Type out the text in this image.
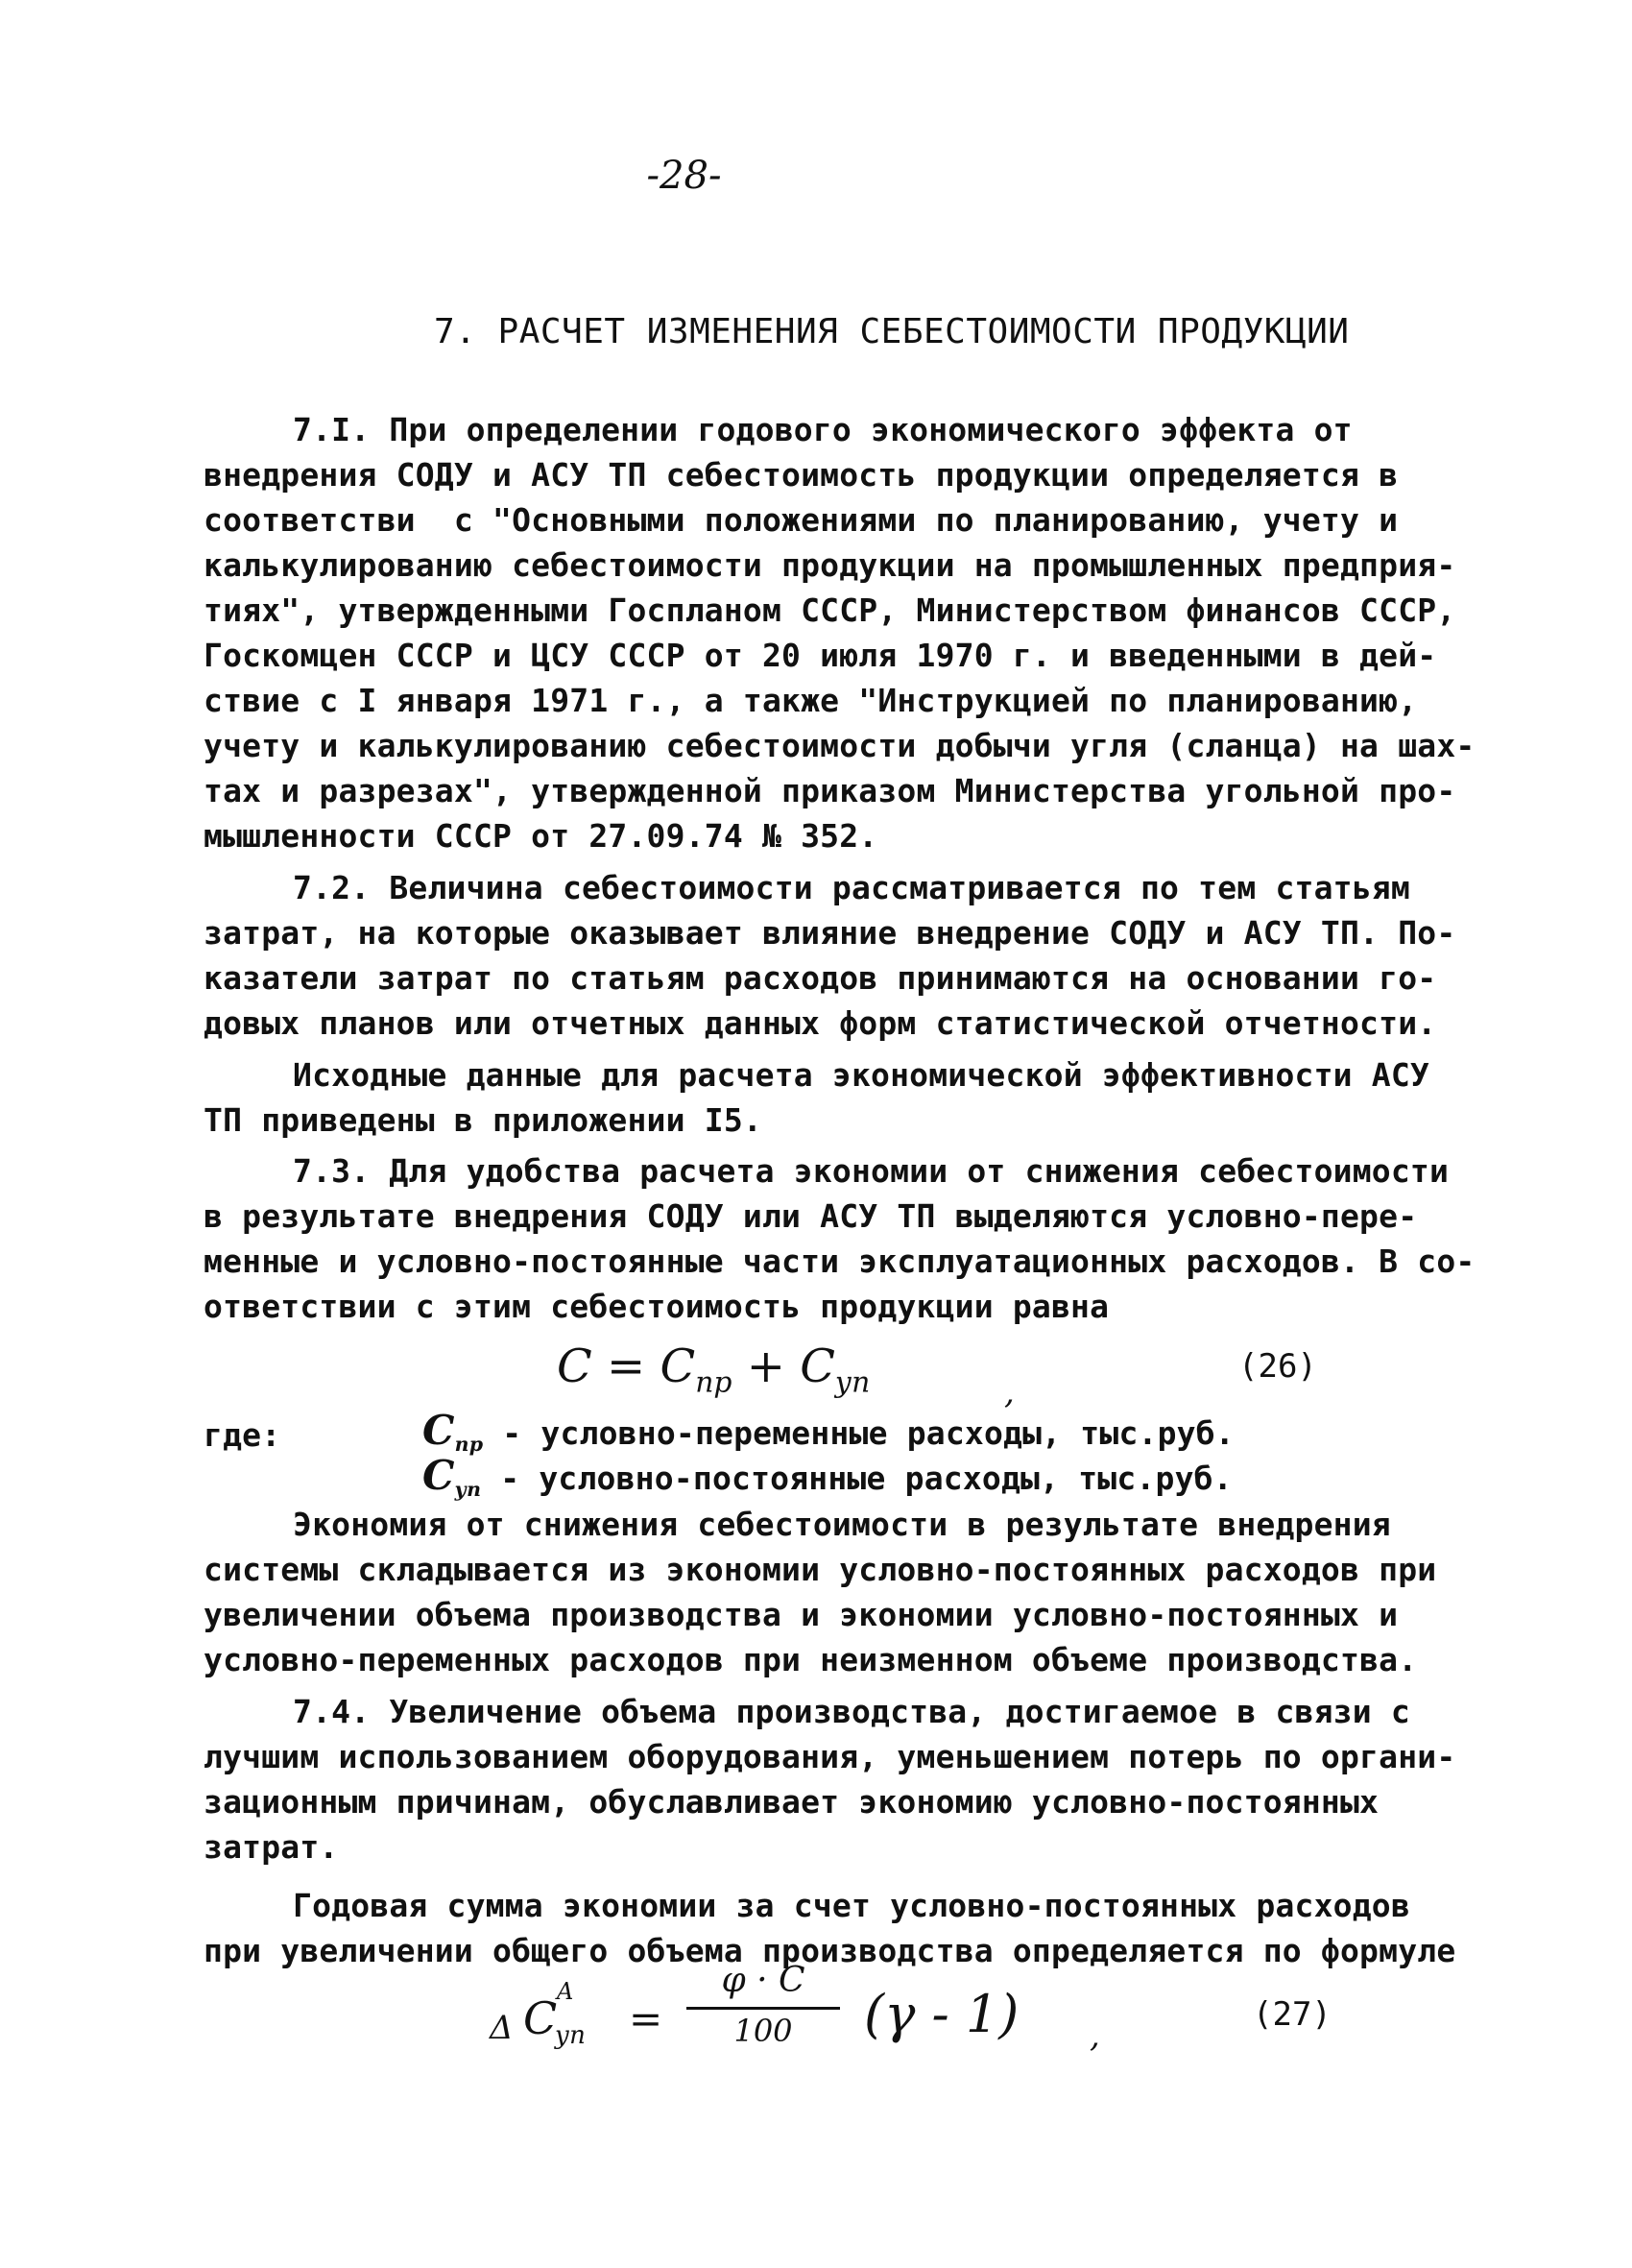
-28-
7. РАСЧЕТ ИЗМЕНЕНИЯ СЕБЕСТОИМОСТИ ПРОДУКЦИИ
7.I. При определении годового экономического эффекта от
внедрения СОДУ и АСУ ТП себестоимость продукции определяется в
соответстви  с "Основными положениями по планированию, учету и
калькулированию себестоимости продукции на промышленных предприя-
тиях", утвержденными Госпланом СССР, Министерством финансов СССР,
Госкомцен СССР и ЦСУ СССР от 20 июля 1970 г. и введенными в дей-
ствие с I января 1971 г., а также "Инструкцией по планированию,
учету и калькулированию себестоимости добычи угля (сланца) на шах-
тах и разрезах", утвержденной приказом Министерства угольной про-
мышленности СССР от 27.09.74 № 352.
7.2. Величина себестоимости рассматривается по тем статьям
затрат, на которые оказывает влияние внедрение СОДУ и АСУ ТП. По-
казатели затрат по статьям расходов принимаются на основании го-
довых планов или отчетных данных форм статистической отчетности.
Исходные данные для расчета экономической эффективности АСУ
ТП приведены в приложении I5.
7.3. Для удобства расчета экономии от снижения себестоимости
в результате внедрения СОДУ или АСУ ТП выделяются условно-пере-
менные и условно-постоянные части эксплуатационных расходов. В со-
ответствии с этим себестоимость продукции равна
$C = C_{пр} + C_{уп}$	,
(26)
где:	$C_{пр}$ - условно-переменные расходы, тыс.руб.
$C_{уп}$ - условно-постоянные расходы, тыс.руб.
Экономия от снижения себестоимости в результате внедрения
системы складывается из экономии условно-постоянных расходов при
увеличении объема производства и экономии условно-постоянных и
условно-переменных расходов при неизменном объеме производства.
7.4. Увеличение объема производства, достигаемое в связи с
лучшим использованием оборудования, уменьшением потерь по органи-
зационным причинам, обуславливает экономию условно-постоянных
затрат.
Годовая сумма экономии за счет условно-постоянных расходов
при увеличении общего объема производства определяется по формуле
Δ C
A
уп =
φ · C
100	(γ - 1) ,
(27)
